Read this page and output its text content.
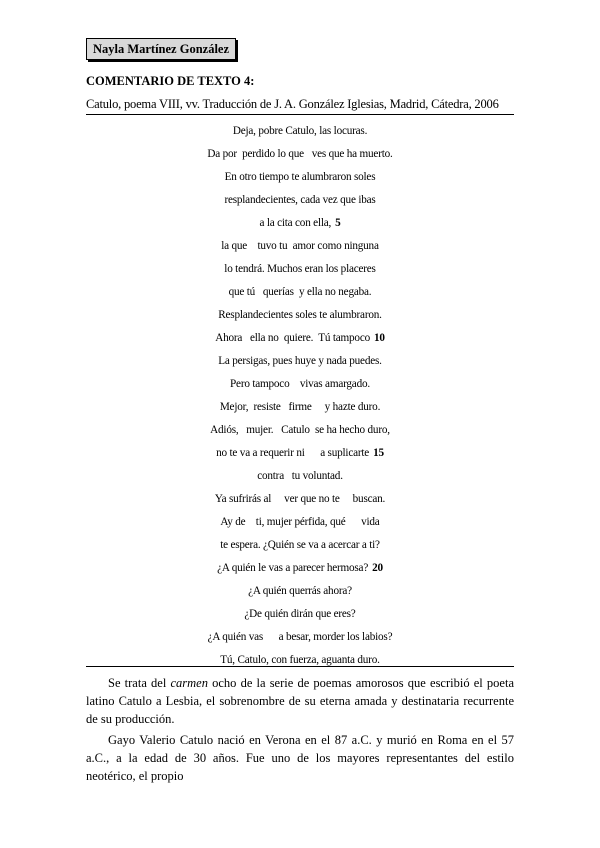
Nayla Martínez González
COMENTARIO DE TEXTO 4:
Catulo, poema VIII, vv. Traducción de J. A. González Iglesias, Madrid, Cátedra, 2006
Deja, pobre Catulo, las locuras.
Da por  perdido lo que   ves que ha muerto.
En otro tiempo te alumbraron soles
resplandecientes, cada vez que ibas
a la cita con ella, 5
la que    tuvo tu  amor como ninguna
lo tendrá. Muchos eran los placeres
que tú   querías  y ella no negaba.
Resplandecientes soles te alumbraron.
Ahora   ella no  quiere.  Tú tampoco 10
La persigas, pues huye y nada puedes.
Pero tampoco    vivas amargado.
Mejor,  resiste   firme     y hazte duro.
Adiós,   mujer.   Catulo  se ha hecho duro,
no te va a requerir ni      a suplicarte 15
contra   tu voluntad.
Ya sufrirás al     ver que no te     buscan.
Ay de    ti, mujer pérfida, qué      vida
te espera. ¿Quién se va a acercar a ti?
¿A quién le vas a parecer hermosa? 20
¿A quién querrás ahora?
¿De quién dirán que eres?
¿A quién vas      a besar, morder los labios?
Tú, Catulo, con fuerza, aguanta duro.

Se trata del carmen ocho de la serie de poemas amorosos que escribió el poeta latino Catulo a Lesbia, el sobrenombre de su eterna amada y destinataria recurrente de su producción.

Gayo Valerio Catulo nació en Verona en el 87 a.C. y murió en Roma en el 57 a.C., a la edad de 30 años. Fue uno de los mayores representantes del estilo neotérico, el propio
